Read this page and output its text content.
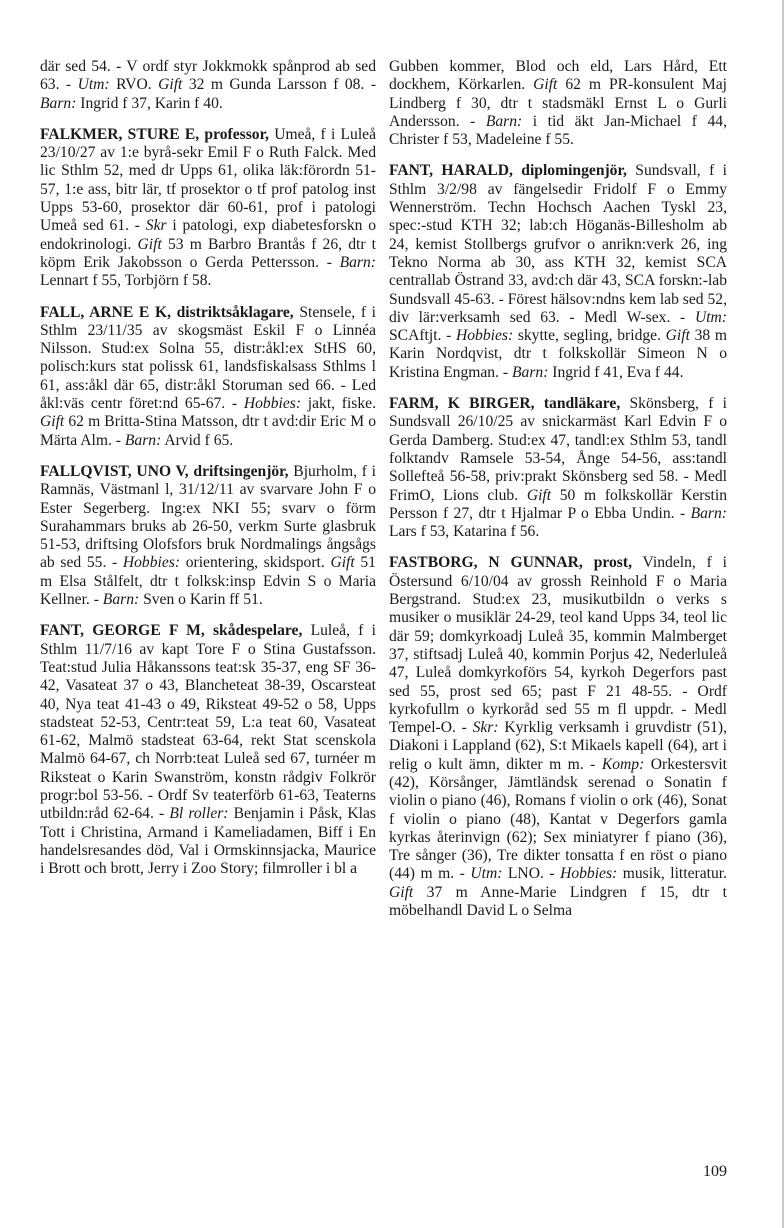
där sed 54. - V ordf styr Jokkmokk spånprod ab sed 63. - Utm: RVO. Gift 32 m Gunda Larsson f 08. - Barn: Ingrid f 37, Karin f 40.

FALKMER, STURE E, professor, Umeå, f i Luleå 23/10/27 av 1:e byrå-sekr Emil F o Ruth Falck. Med lic Sthlm 52, med dr Upps 61, olika läk:förordn 51-57, 1:e ass, bitr lär, tf prosektor o tf prof patolog inst Upps 53-60, prosektor där 60-61, prof i patologi Umeå sed 61. - Skr i patologi, exp diabetesforskn o endokrinologi. Gift 53 m Barbro Brantås f 26, dtr t köpm Erik Jakobsson o Gerda Pettersson. - Barn: Lennart f 55, Torbjörn f 58.

FALL, ARNE E K, distriktsåklagare, Stensele, f i Sthlm 23/11/35 av skogsmäst Eskil F o Linnéa Nilsson. Stud:ex Solna 55, distr:åkl:ex StHS 60, polisch:kurs stat polissk 61, landsfiskalsass Sthlms l 61, ass:åkl där 65, distr:åkl Storuman sed 66. - Led åkl:väs centr föret:nd 65-67. - Hobbies: jakt, fiske. Gift 62 m Britta-Stina Matsson, dtr t avd:dir Eric M o Märta Alm. - Barn: Arvid f 65.

FALLQVIST, UNO V, driftsingenjör, Bjurholm, f i Ramnäs, Västmanl l, 31/12/11 av svarvare John F o Ester Segerberg. Ing:ex NKI 55; svarv o förm Surahammars bruks ab 26-50, verkm Surte glasbruk 51-53, driftsing Olofsfors bruk Nordmalings ångsågs ab sed 55. - Hobbies: orientering, skidsport. Gift 51 m Elsa Stålfelt, dtr t folksk:insp Edvin S o Maria Kellner. - Barn: Sven o Karin ff 51.

FANT, GEORGE F M, skådespelare, Luleå, f i Sthlm 11/7/16 av kapt Tore F o Stina Gustafsson. Teat:stud Julia Håkanssons teat:sk 35-37, eng SF 36-42, Vasateat 37 o 43, Blancheteat 38-39, Oscarsteat 40, Nya teat 41-43 o 49, Riksteat 49-52 o 58, Upps stadsteat 52-53, Centr:teat 59, L:a teat 60, Vasateat 61-62, Malmö stadsteat 63-64, rekt Stat scenskola Malmö 64-67, ch Norrb:teat Luleå sed 67, turnéer m Riksteat o Karin Swanström, konstn rådgiv Folkrör progr:bol 53-56. - Ordf Sv teaterförb 61-63, Teaterns utbildn:råd 62-64. - Bl roller: Benjamin i Påsk, Klas Tott i Christina, Armand i Kameliadamen, Biff i En handelsresandes död, Val i Ormskinnsjacka, Maurice i Brott och brott, Jerry i Zoo Story; filmroller i bl a

Gubben kommer, Blod och eld, Lars Hård, Ett dockhem, Körkarlen. Gift 62 m PR-konsulent Maj Lindberg f 30, dtr t stadsmäkl Ernst L o Gurli Andersson. - Barn: i tid äkt Jan-Michael f 44, Christer f 53, Madeleine f 55.

FANT, HARALD, diplomingenjör, Sundsvall, f i Sthlm 3/2/98 av fängelsedir Fridolf F o Emmy Wennerström. Techn Hochsch Aachen Tyskl 23, spec:-stud KTH 32; lab:ch Höganäs-Billesholm ab 24, kemist Stollbergs grufvor o anrikn:verk 26, ing Tekno Norma ab 30, ass KTH 32, kemist SCA centrallab Östrand 33, avd:ch där 43, SCA forskn:-lab Sundsvall 45-63. - Förest hälsov:ndns kem lab sed 52, div lär:verksamh sed 63. - Medl W-sex. - Utm: SCAftjt. - Hobbies: skytte, segling, bridge. Gift 38 m Karin Nordqvist, dtr t folkskollär Simeon N o Kristina Engman. - Barn: Ingrid f 41, Eva f 44.

FARM, K BIRGER, tandläkare, Skönsberg, f i Sundsvall 26/10/25 av snickarmäst Karl Edvin F o Gerda Damberg. Stud:ex 47, tandl:ex Sthlm 53, tandl folktandv Ramsele 53-54, Ånge 54-56, ass:tandl Sollefteå 56-58, priv:prakt Skönsberg sed 58. - Medl FrimO, Lions club. Gift 50 m folkskollär Kerstin Persson f 27, dtr t Hjalmar P o Ebba Undin. - Barn: Lars f 53, Katarina f 56.

FASTBORG, N GUNNAR, prost, Vindeln, f i Östersund 6/10/04 av grossh Reinhold F o Maria Bergstrand. Stud:ex 23, musikutbildn o verks s musiker o musiklär 24-29, teol kand Upps 34, teol lic där 59; domkyrkoadj Luleå 35, kommin Malmberget 37, stiftsadj Luleå 40, kommin Porjus 42, Nederluleå 47, Luleå domkyrkoförs 54, kyrkoh Degerfors past sed 55, prost sed 65; past F 21 48-55. - Ordf kyrkofullm o kyrkoråd sed 55 m fl uppdr. - Medl Tempel-O. - Skr: Kyrklig verksamh i gruvdistr (51), Diakoni i Lappland (62), S:t Mikaels kapell (64), art i relig o kult ämn, dikter m m. - Komp: Orkestersvit (42), Körsånger, Jämtländsk serenad o Sonatin f violin o piano (46), Romans f violin o ork (46), Sonat f violin o piano (48), Kantat v Degerfors gamla kyrkas återinvign (62); Sex miniatyrer f piano (36), Tre sånger (36), Tre dikter tonsatta f en röst o piano (44) m m. - Utm: LNO. - Hobbies: musik, litteratur. Gift 37 m Anne-Marie Lindgren f 15, dtr t möbelhandl David L o Selma

109
